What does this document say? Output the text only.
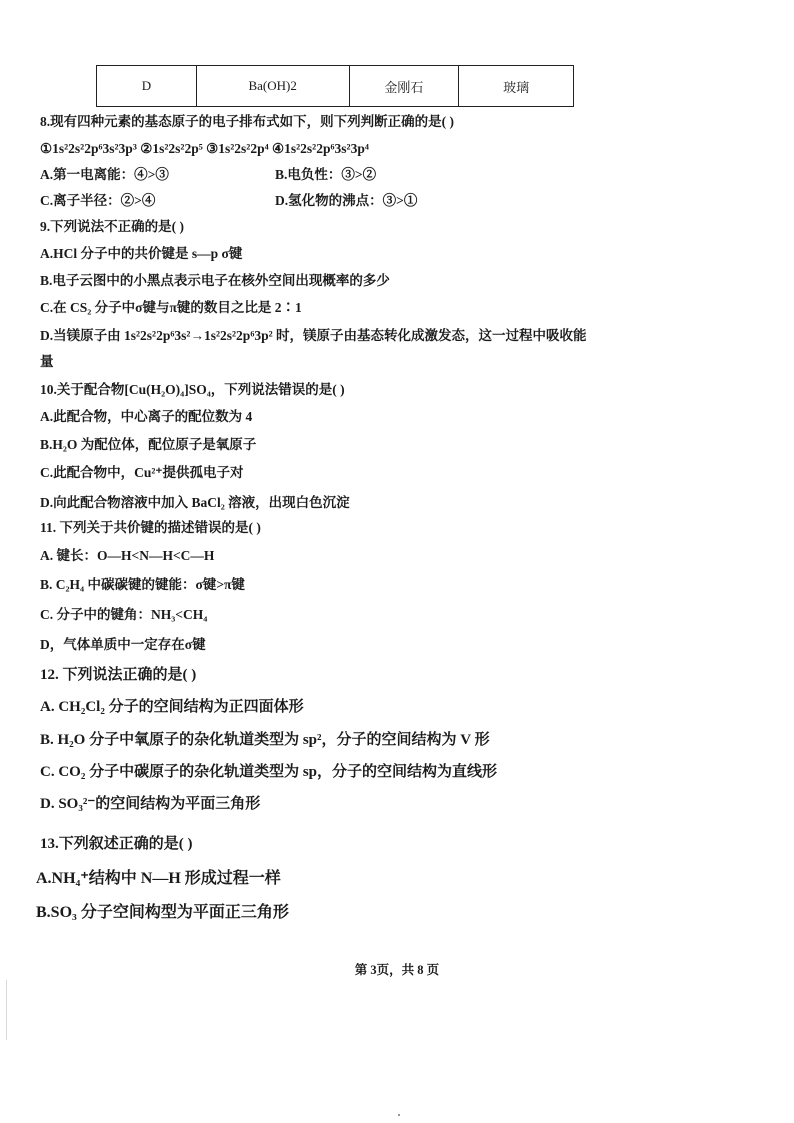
D	Ba(OH)2	金刚石	玻璃
8.现有四种元素的基态原子的电子排布式如下，则下列判断正确的是( )
①1s²2s²2p⁶3s²3p³ ②1s²2s²2p⁵ ③1s²2s²2p⁴ ④1s²2s²2p⁶3s²3p⁴
A.第一电离能：④>③	B.电负性：③>②
C.离子半径：②>④	D.氢化物的沸点：③>①
9.下列说法不正确的是( )
A.HCl 分子中的共价键是 s—p σ键
B.电子云图中的小黑点表示电子在核外空间出现概率的多少
C.在 CS₂ 分子中σ键与π键的数目之比是 2∶1
D.当镁原子由 1s²2s²2p⁶3s²→1s²2s²2p⁶3p² 时，镁原子由基态转化成激发态，这一过程中吸收能
量
10.关于配合物[Cu(H₂O)₄]SO₄，下列说法错误的是( )
A.此配合物，中心离子的配位数为 4
B.H₂O 为配位体，配位原子是氧原子
C.此配合物中，Cu²⁺提供孤电子对
D.向此配合物溶液中加入 BaCl₂ 溶液，出现白色沉淀
11. 下列关于共价键的描述错误的是( )
A. 键长：O—H<N—H<C—H
B. C₂H₄ 中碳碳键的键能：σ键>π键
C. 分子中的键角：NH₃<CH₄
D，气体单质中一定存在σ键
12. 下列说法正确的是( )
A. CH₂Cl₂ 分子的空间结构为正四面体形
B. H₂O 分子中氧原子的杂化轨道类型为 sp²，分子的空间结构为 V 形
C. CO₂ 分子中碳原子的杂化轨道类型为 sp，分子的空间结构为直线形
D. SO₃²⁻的空间结构为平面三角形
13.下列叙述正确的是( )
A.NH₄⁺结构中 N—H 形成过程一样
B.SO₃ 分子空间构型为平面正三角形
第 3页，共 8 页
